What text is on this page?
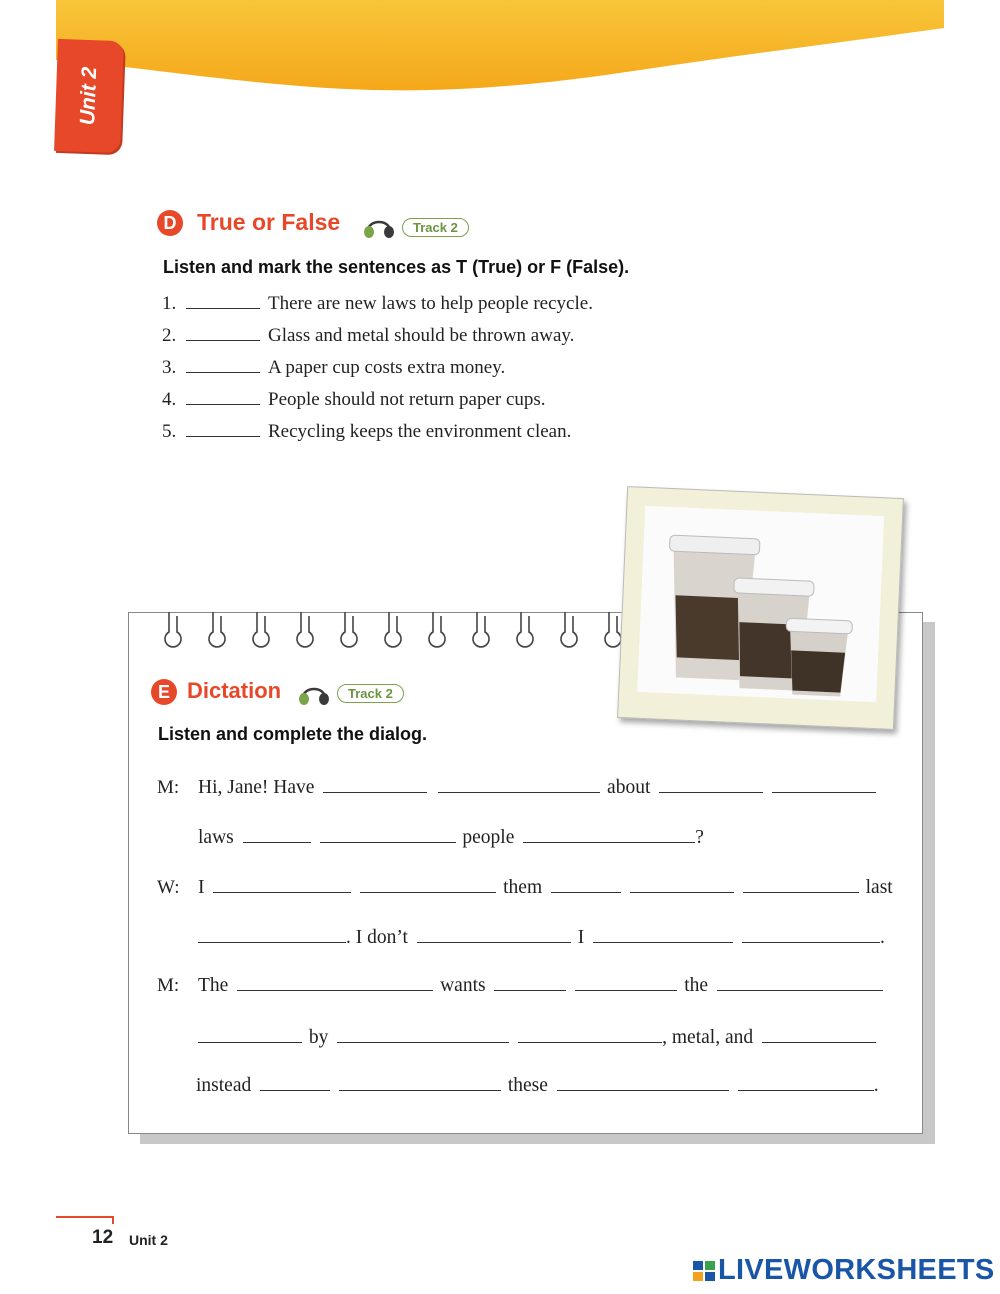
Unit 2
D True or False	Track 2
Listen and mark the sentences as T (True) or F (False).
1.	There are new laws to help people recycle.
2.	Glass and metal should be thrown away.
3.	A paper cup costs extra money.
4.	People should not return paper cups.
5.	Recycling keeps the environment clean.
E Dictation	Track 2
Listen and complete the dialog.
M: Hi, Jane! Have	about
laws	people	?
W: I	them	last
. I don’t	I	.
M: The	wants	the
by	, metal, and
instead	these	.
12 Unit 2
LIVEWORKSHEETS
